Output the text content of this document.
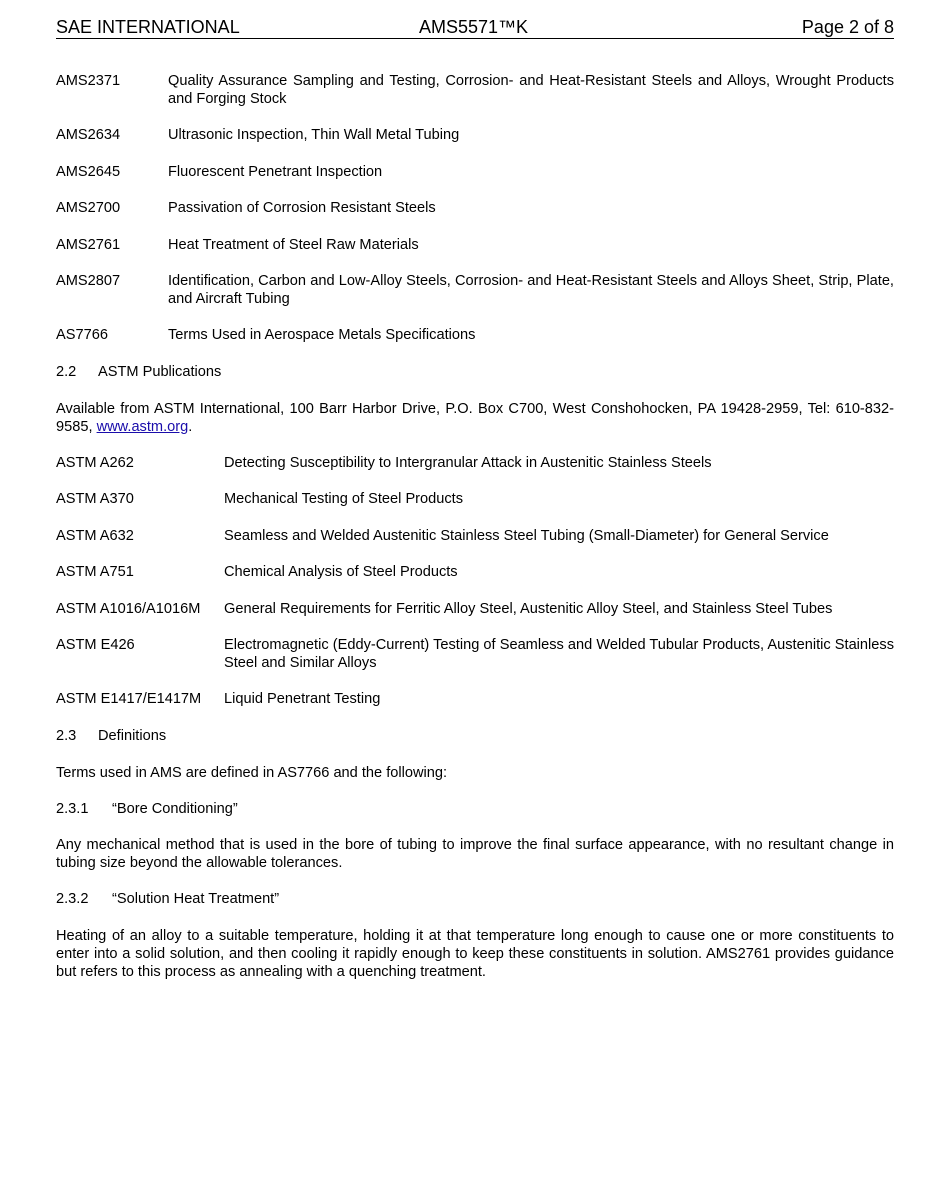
SAE INTERNATIONAL	AMS5571™K	Page 2 of 8
AMS2371	Quality Assurance Sampling and Testing, Corrosion- and Heat-Resistant Steels and Alloys, Wrought Products and Forging Stock
AMS2634	Ultrasonic Inspection, Thin Wall Metal Tubing
AMS2645	Fluorescent Penetrant Inspection
AMS2700	Passivation of Corrosion Resistant Steels
AMS2761	Heat Treatment of Steel Raw Materials
AMS2807	Identification, Carbon and Low-Alloy Steels, Corrosion- and Heat-Resistant Steels and Alloys Sheet, Strip, Plate, and Aircraft Tubing
AS7766	Terms Used in Aerospace Metals Specifications
2.2 ASTM Publications
Available from ASTM International, 100 Barr Harbor Drive, P.O. Box C700, West Conshohocken, PA 19428-2959, Tel: 610-832-9585, www.astm.org.
ASTM A262	Detecting Susceptibility to Intergranular Attack in Austenitic Stainless Steels
ASTM A370	Mechanical Testing of Steel Products
ASTM A632	Seamless and Welded Austenitic Stainless Steel Tubing (Small-Diameter) for General Service
ASTM A751	Chemical Analysis of Steel Products
ASTM A1016/A1016M General Requirements for Ferritic Alloy Steel, Austenitic Alloy Steel, and Stainless Steel Tubes
ASTM E426	Electromagnetic (Eddy-Current) Testing of Seamless and Welded Tubular Products, Austenitic Stainless Steel and Similar Alloys
ASTM E1417/E1417M Liquid Penetrant Testing
2.3 Definitions
Terms used in AMS are defined in AS7766 and the following:
2.3.1 “Bore Conditioning”
Any mechanical method that is used in the bore of tubing to improve the final surface appearance, with no resultant change in tubing size beyond the allowable tolerances.
2.3.2 “Solution Heat Treatment”
Heating of an alloy to a suitable temperature, holding it at that temperature long enough to cause one or more constituents to enter into a solid solution, and then cooling it rapidly enough to keep these constituents in solution. AMS2761 provides guidance but refers to this process as annealing with a quenching treatment.
